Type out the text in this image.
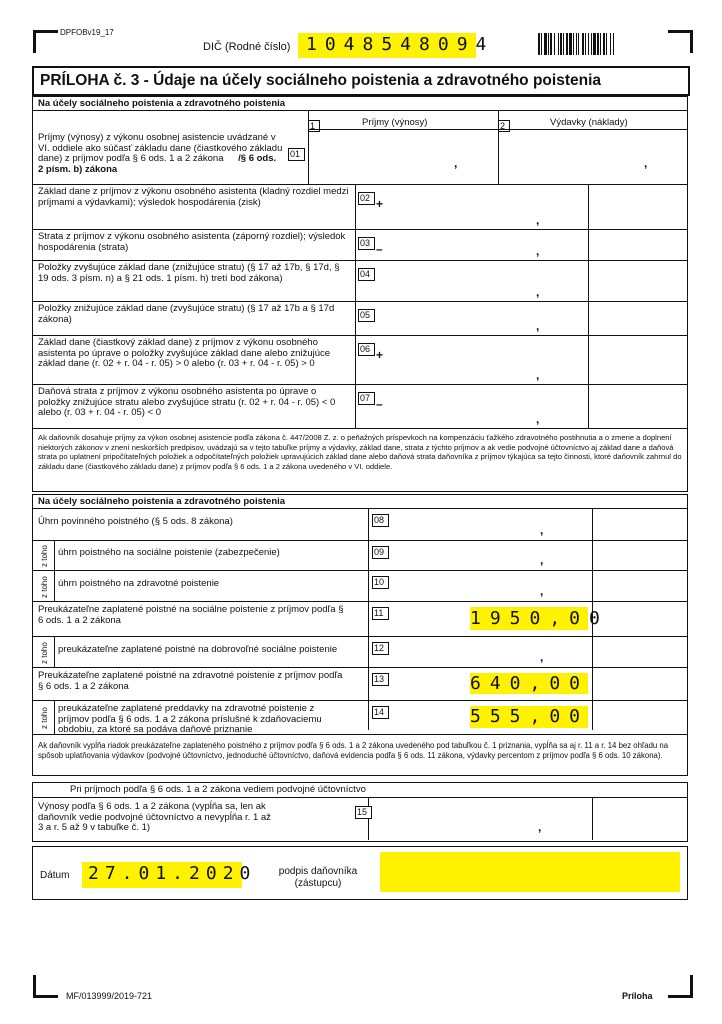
DPFOBv19_17
DIČ (Rodné číslo) 1048548094
PRÍLOHA č. 3 - Údaje na účely sociálneho poistenia a zdravotného poistenia
Na účely sociálneho poistenia a zdravotného poistenia
1	Príjmy (výnosy)	2	Výdavky (náklady)
Príjmy (výnosy) z výkonu osobnej asistencie uvádzané v VI. oddiele ako súčasť základu dane (čiastkového základu dane) z príjmov podľa § 6 ods. 1 a 2 zákona /§ 6 ods. 2 písm. b) zákona
01
,	,
Základ dane z príjmov z výkonu osobného asistenta (kladný rozdiel medzi príjmami a výdavkami); výsledok hospodárenia (zisk)	02 +
,
Strata z príjmov z výkonu osobného asistenta (záporný rozdiel); výsledok hospodárenia (strata)	03 –	,
Položky zvyšujúce základ dane (znižujúce stratu) (§ 17 až 17b, § 17d, § 19 ods. 3 písm. n) a § 21 ods. 1 písm. h) tretí bod zákona)	04
,
Položky znižujúce základ dane (zvyšujúce stratu) (§ 17 až 17b a § 17d zákona)	05
,
Základ dane (čiastkový základ dane) z príjmov z výkonu osobného asistenta po úprave o položky zvyšujúce základ dane alebo znižujúce základ dane (r. 02 + r. 04 - r. 05) > 0 alebo (r. 03 + r. 04 - r. 05) > 0
06 +
,
Daňová strata z príjmov z výkonu osobného asistenta po úprave o položky znižujúce stratu alebo zvyšujúce stratu (r. 02 + r. 04 - r. 05) < 0 alebo (r. 03 + r. 04 - r. 05) < 0
07 –
,
Ak daňovník dosahuje príjmy za výkon osobnej asistencie podľa zákona č. 447/2008 Z. z. o peňažných príspevkoch na kompenzáciu ťažkého zdravotného postihnutia a o zmene a doplnení niektorých zákonov v znení neskorších predpisov, uvádzajú sa v tejto tabuľke príjmy a výdavky, základ dane, strata z týchto príjmov a ak vedie podvojné účtovníctvo aj základ dane a daňová strata po uplatnení pripočítateľných položiek a odpočítateľných položiek upravujúcich základ dane alebo daňová strata daňovníka z príjmov týkajúca sa tejto činnosti, ktoré daňovník zahrnul do základu dane (čiastkového základu dane) z príjmov podľa § 6 ods. 1 a 2 zákona uvedeného v VI. oddiele.
Na účely sociálneho poistenia a zdravotného poistenia
Úhrn povinného poistného (§ 5 ods. 8 zákona)	08
,
úhrn poistného na sociálne poistenie (zabezpečenie)	09
,
z toho
úhrn poistného na zdravotné poistenie	10
,
z toho
Preukázateľne zaplatené poistné na sociálne poistenie z príjmov podľa § 6 ods. 1 a 2 zákona
11	1950,00
preukázateľne zaplatené poistné na dobrovoľné sociálne poistenie	12
,
z toho
Preukázateľne zaplatené poistné na zdravotné poistenie z príjmov podľa § 6 ods. 1 a 2 zákona
13	640,00
preukázateľne zaplatené preddavky na zdravotné poistenie z príjmov podľa § 6 ods. 1 a 2 zákona príslušné k zdaňovaciemu obdobiu, za ktoré sa podáva daňové priznanie
14	555,00
z toho
Ak daňovník vypĺňa riadok preukázateľne zaplateného poistného z príjmov podľa § 6 ods. 1 a 2 zákona uvedeného pod tabuľkou č. 1 priznania, vypĺňa sa aj r. 11 a r. 14 bez ohľadu na spôsob uplatňovania výdavkov (podvojné účtovníctvo, jednoduché účtovníctvo, daňová evidencia podľa § 6 ods. 11 zákona, výdavky percentom z príjmov podľa § 6 ods. 10 zákona).
Pri príjmoch podľa § 6 ods. 1 a 2 zákona vediem podvojné účtovníctvo
Výnosy podľa § 6 ods. 1 a 2 zákona (vypĺňa sa, len ak daňovník vedie podvojné účtovníctvo a nevypĺňa r. 1 až 3 a r. 5 až 9 v tabuľke č. 1)
15
,
Dátum 27.01.2020	podpis daňovníka (zástupcu)
MF/013999/2019-721	Príloha
